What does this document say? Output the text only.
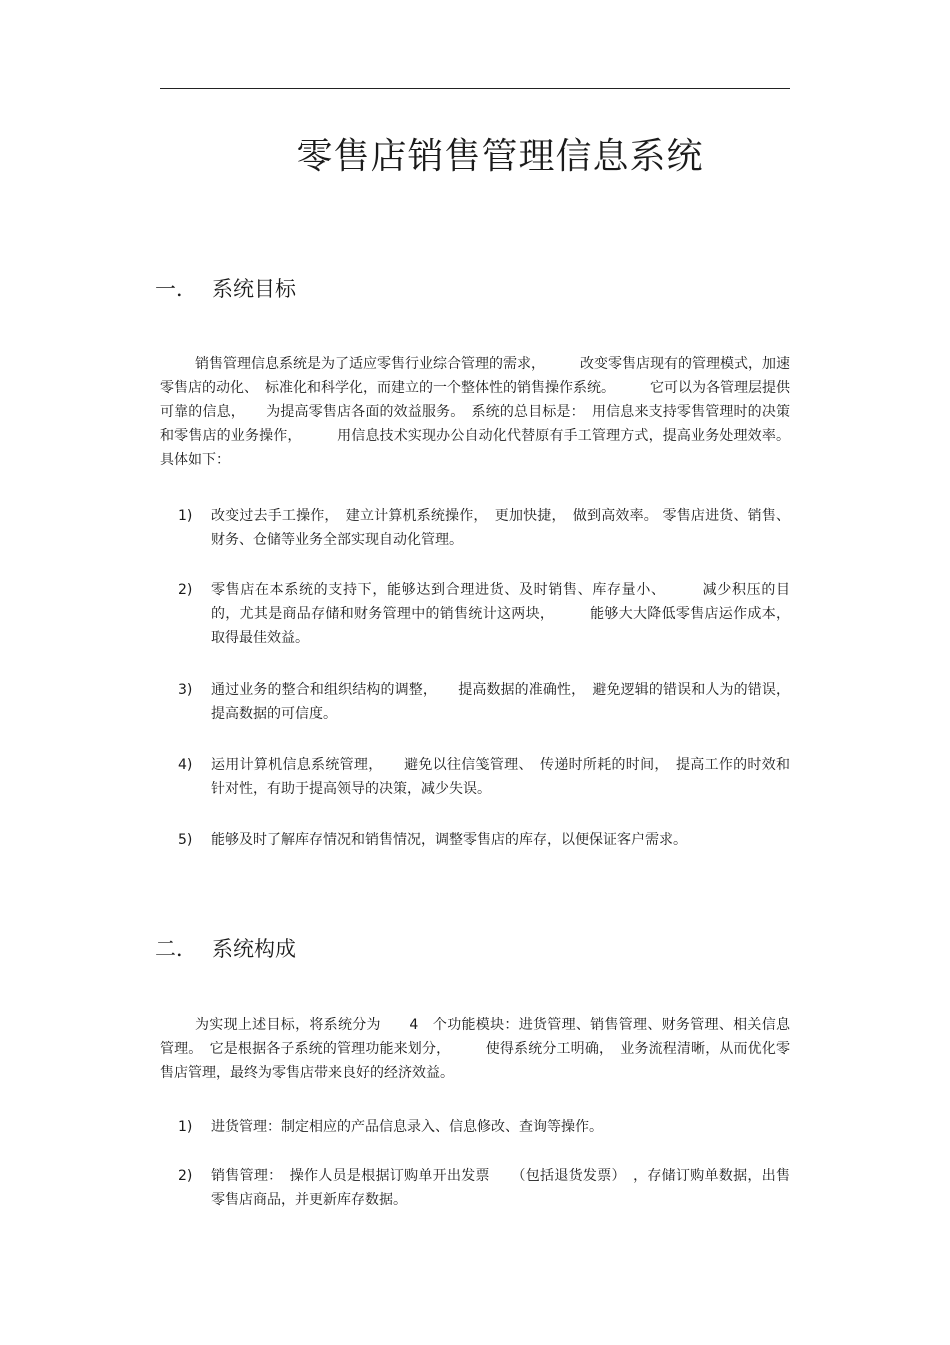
零售店销售管理信息系统
一． 系统目标
销售管理信息系统是为了适应零售行业综合管理的需求，　　　改变零售店现有的管理模式，加速零售店的动化、　标准化和科学化，而建立的一个整体性的销售操作系统。　　　它可以为各管理层提供可靠的信息，　　为提高零售店各面的效益服务。　系统的总目标是：　用信息来支持零售管理时的决策和零售店的业务操作，　　　用信息技术实现办公自动化代替原有手工管理方式，提高业务处理效率。具体如下：
1)	改变过去手工操作，　建立计算机系统操作，　更加快捷，　做到高效率。 零售店进货、销售、财务、仓储等业务全部实现自动化管理。
2)	零售店在本系统的支持下，能够达到合理进货、及时销售、库存量小、　　　减少积压的目的，尤其是商品存储和财务管理中的销售统计这两块，　　　能够大大降低零售店运作成本，取得最佳效益。
3)	通过业务的整合和组织结构的调整，　　提高数据的准确性，　避免逻辑的错误和人为的错误，提高数据的可信度。
4)	运用计算机信息系统管理，　　避免以往信笺管理、　传递时所耗的时间，　提高工作的时效和针对性，有助于提高领导的决策，减少失误。
5)	能够及时了解库存情况和销售情况，调整零售店的库存，以便保证客户需求。
二． 系统构成
为实现上述目标，将系统分为　　4　个功能模块：进货管理、销售管理、财务管理、相关信息管理。　它是根据各子系统的管理功能来划分，　　　使得系统分工明确，　业务流程清晰，从而优化零售店管理，最终为零售店带来良好的经济效益。
1)	进货管理：制定相应的产品信息录入、信息修改、查询等操作。
2)	销售管理：　操作人员是根据订购单开出发票　　（包括退货发票）　，存储订购单数据，出售零售店商品，并更新库存数据。
